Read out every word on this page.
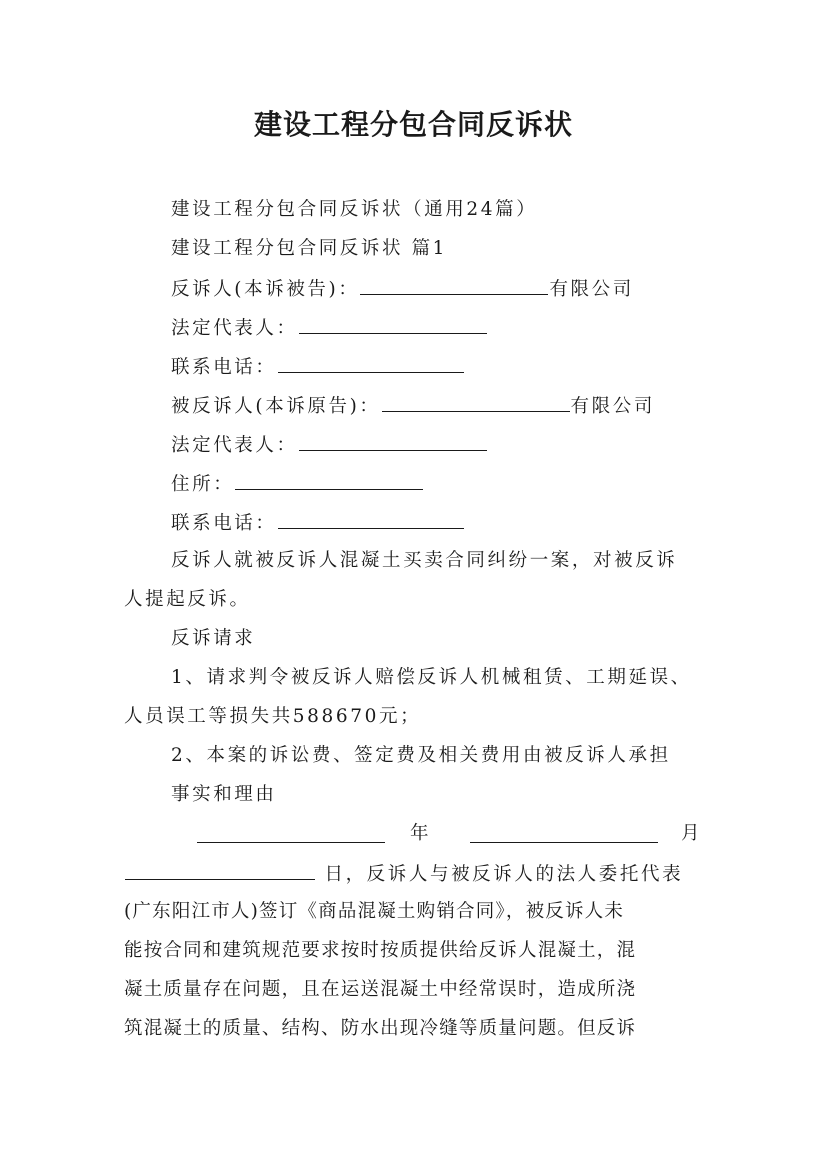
建设工程分包合同反诉状
建设工程分包合同反诉状（通用24篇）
建设工程分包合同反诉状 篇1
反诉人(本诉被告)：	有限公司
法定代表人：
联系电话：
被反诉人(本诉原告)：	有限公司
法定代表人：
住所：
联系电话：
反诉人就被反诉人混凝土买卖合同纠纷一案，对被反诉
人提起反诉。
反诉请求
1、请求判令被反诉人赔偿反诉人机械租赁、工期延误、
人员误工等损失共588670元；
2、本案的诉讼费、签定费及相关费用由被反诉人承担
事实和理由
年	月
日，反诉人与被反诉人的法人委托代表
(广东阳江市人)签订《商品混凝土购销合同》，被反诉人未
能按合同和建筑规范要求按时按质提供给反诉人混凝土，混
凝土质量存在问题，且在运送混凝土中经常误时，造成所浇
筑混凝土的质量、结构、防水出现冷缝等质量问题。但反诉
